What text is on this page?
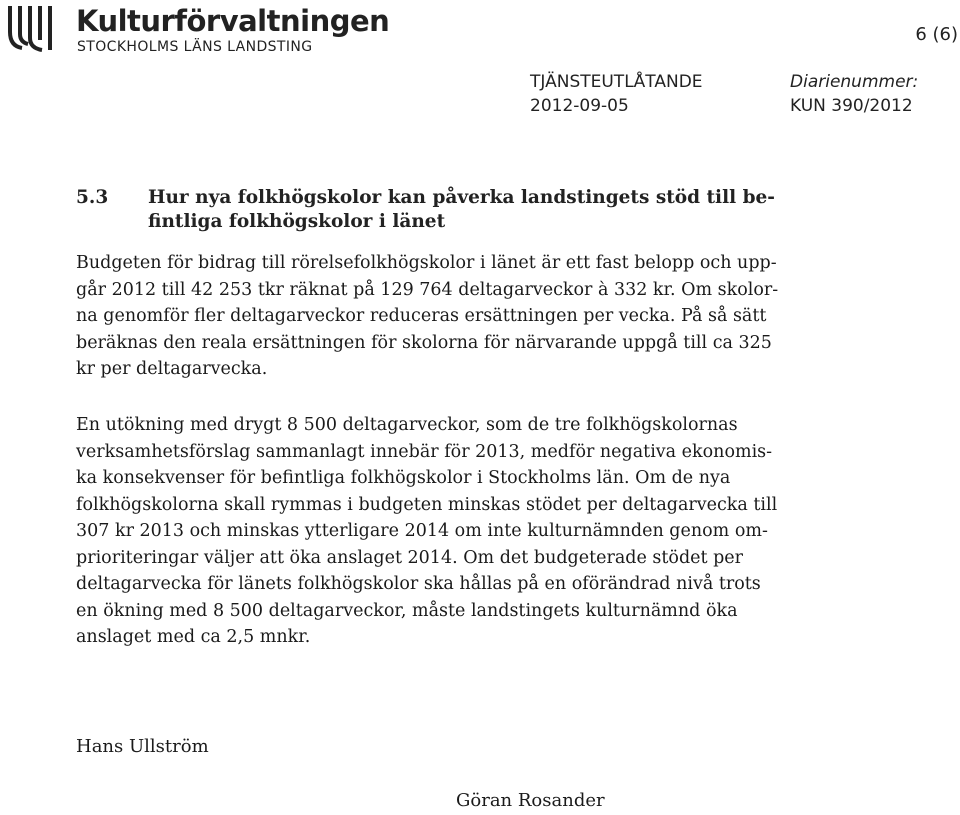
Kulturförvaltningen
STOCKHOLMS LÄNS LANDSTING
6 (6)
TJÄNSTEUTLÅTANDE
2012-09-05
Diarienummer:
KUN 390/2012
5.3 Hur nya folkhögskolor kan påverka landstingets stöd till be-
fintliga folkhögskolor i länet
Budgeten för bidrag till rörelsefolkhögskolor i länet är ett fast belopp och upp-
går 2012 till 42 253 tkr räknat på 129 764 deltagarveckor à 332 kr. Om skolor-
na genomför fler deltagarveckor reduceras ersättningen per vecka. På så sätt
beräknas den reala ersättningen för skolorna för närvarande uppgå till ca 325
kr per deltagarvecka.
En utökning med drygt 8 500 deltagarveckor, som de tre folkhögskolornas
verksamhetsförslag sammanlagt innebär för 2013, medför negativa ekonomis-
ka konsekvenser för befintliga folkhögskolor i Stockholms län. Om de nya
folkhögskolorna skall rymmas i budgeten minskas stödet per deltagarvecka till
307 kr 2013 och minskas ytterligare 2014 om inte kulturnämnden genom om-
prioriteringar väljer att öka anslaget 2014. Om det budgeterade stödet per
deltagarvecka för länets folkhögskolor ska hållas på en oförändrad nivå trots
en ökning med 8 500 deltagarveckor, måste landstingets kulturnämnd öka
anslaget med ca 2,5 mnkr.
Hans Ullström
Göran Rosander
